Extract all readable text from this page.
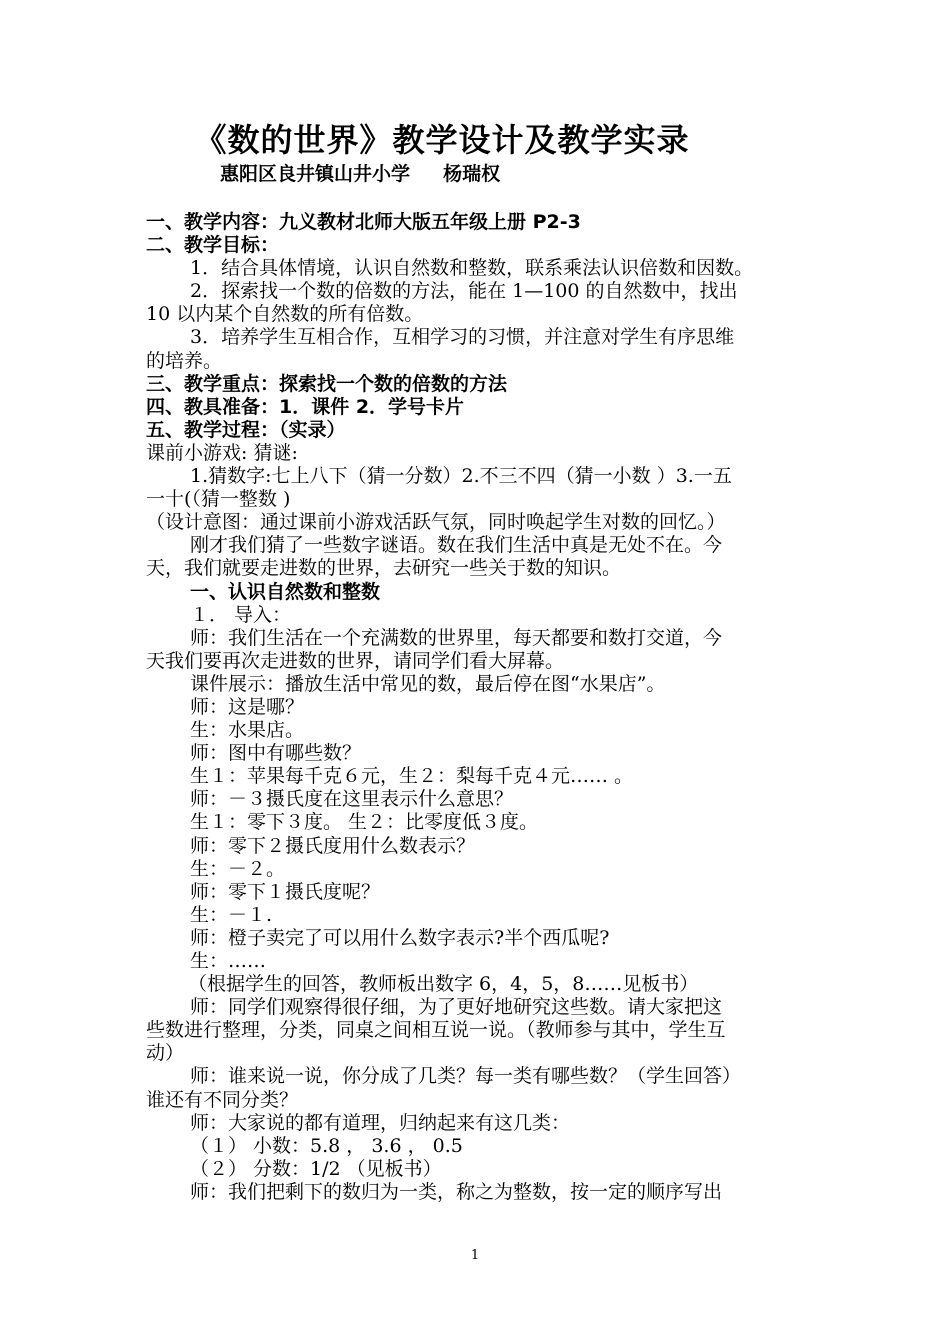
《数的世界》教学设计及教学实录
惠阳区良井镇山井小学     杨瑞权
一、教学内容：九义教材北师大版五年级上册 P2-3
二、教学目标：
1．结合具体情境，认识自然数和整数，联系乘法认识倍数和因数。
2．探索找一个数的倍数的方法，能在 1—100 的自然数中，找出
10 以内某个自然数的所有倍数。
3．培养学生互相合作，互相学习的习惯，并注意对学生有序思维
的培养。
三、教学重点：探索找一个数的倍数的方法
四、教具准备：1．课件 2．学号卡片
五、教学过程：（实录）
课前小游戏: 猜谜:
1.猜数字:七上八下（猜一分数）2.不三不四（猜一小数 ）3.一五
一十(（猜一整数 )
（设计意图：通过课前小游戏活跃气氛，同时唤起学生对数的回忆。）
刚才我们猜了一些数字谜语。数在我们生活中真是无处不在。今
天，我们就要走进数的世界，去研究一些关于数的知识。
一、认识自然数和整数
１． 导入：
师：我们生活在一个充满数的世界里，每天都要和数打交道，今
天我们要再次走进数的世界，请同学们看大屏幕。
课件展示：播放生活中常见的数，最后停在图“水果店”。
师：这是哪？
生：水果店。
师：图中有哪些数？
生１：苹果每千克６元，生２：梨每千克４元…… 。
师：－３摄氏度在这里表示什么意思？
生１：零下３度。 生２：比零度低３度。
师：零下２摄氏度用什么数表示？
生：－２。
师：零下１摄氏度呢？
生：－１.
师：橙子卖完了可以用什么数字表示?半个西瓜呢?
生：……
（根据学生的回答，教师板出数字 6，4，5，8……见板书）
师：同学们观察得很仔细，为了更好地研究这些数。请大家把这
些数进行整理，分类，同桌之间相互说一说。（教师参与其中，学生互
动）
师：谁来说一说，你分成了几类？每一类有哪些数？（学生回答）
谁还有不同分类？
师：大家说的都有道理，归纳起来有这几类：
（１） 小数：5.8 ， 3.6 ， 0.5
（２） 分数：1/2 （见板书）
师：我们把剩下的数归为一类，称之为整数，按一定的顺序写出
1
